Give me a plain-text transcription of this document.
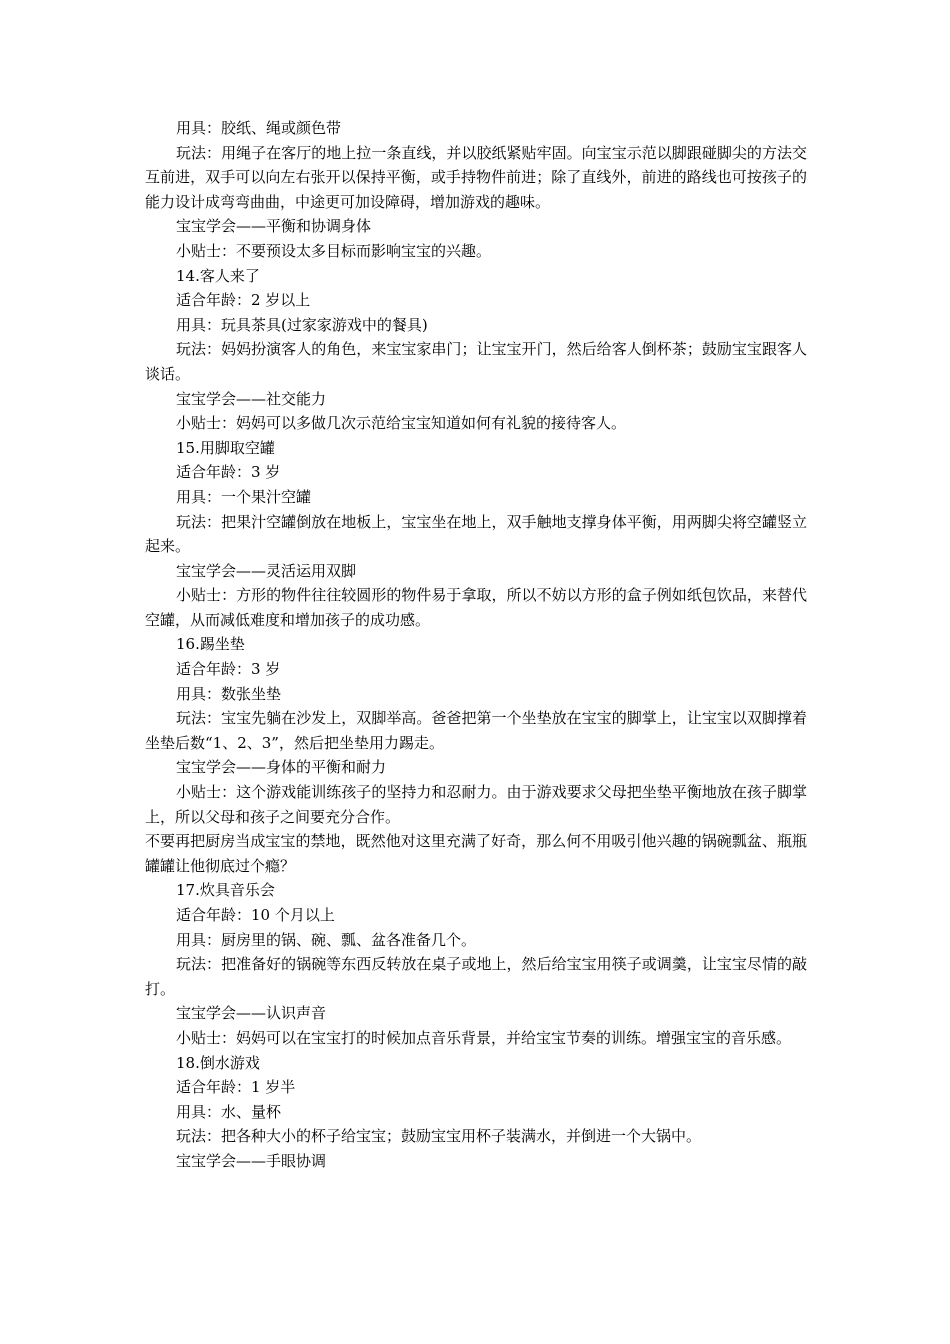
用具：胶纸、绳或颜色带

玩法：用绳子在客厅的地上拉一条直线，并以胶纸紧贴牢固。向宝宝示范以脚跟碰脚尖的方法交互前进，双手可以向左右张开以保持平衡，或手持物件前进；除了直线外，前进的路线也可按孩子的能力设计成弯弯曲曲，中途更可加设障碍，增加游戏的趣味。

宝宝学会——平衡和协调身体

小贴士：不要预设太多目标而影响宝宝的兴趣。

14.客人来了

适合年龄：2 岁以上

用具：玩具茶具(过家家游戏中的餐具)

玩法：妈妈扮演客人的角色，来宝宝家串门；让宝宝开门，然后给客人倒杯茶；鼓励宝宝跟客人谈话。

宝宝学会——社交能力

小贴士：妈妈可以多做几次示范给宝宝知道如何有礼貌的接待客人。

15.用脚取空罐

适合年龄：3 岁

用具：一个果汁空罐

玩法：把果汁空罐倒放在地板上，宝宝坐在地上，双手触地支撑身体平衡，用两脚尖将空罐竖立起来。

宝宝学会——灵活运用双脚

小贴士：方形的物件往往较圆形的物件易于拿取，所以不妨以方形的盒子例如纸包饮品，来替代空罐，从而减低难度和增加孩子的成功感。

16.踢坐垫

适合年龄：3 岁

用具：数张坐垫

玩法：宝宝先躺在沙发上，双脚举高。爸爸把第一个坐垫放在宝宝的脚掌上，让宝宝以双脚撑着坐垫后数“1、2、3”，然后把坐垫用力踢走。

宝宝学会——身体的平衡和耐力

小贴士：这个游戏能训练孩子的坚持力和忍耐力。由于游戏要求父母把坐垫平衡地放在孩子脚掌上，所以父母和孩子之间要充分合作。

不要再把厨房当成宝宝的禁地，既然他对这里充满了好奇，那么何不用吸引他兴趣的锅碗瓢盆、瓶瓶罐罐让他彻底过个瘾？

17.炊具音乐会

适合年龄：10 个月以上

用具：厨房里的锅、碗、瓢、盆各准备几个。

玩法：把准备好的锅碗等东西反转放在桌子或地上，然后给宝宝用筷子或调羹，让宝宝尽情的敲打。

宝宝学会——认识声音

小贴士：妈妈可以在宝宝打的时候加点音乐背景，并给宝宝节奏的训练。增强宝宝的音乐感。

18.倒水游戏

适合年龄：1 岁半

用具：水、量杯

玩法：把各种大小的杯子给宝宝；鼓励宝宝用杯子装满水，并倒进一个大锅中。

宝宝学会——手眼协调
